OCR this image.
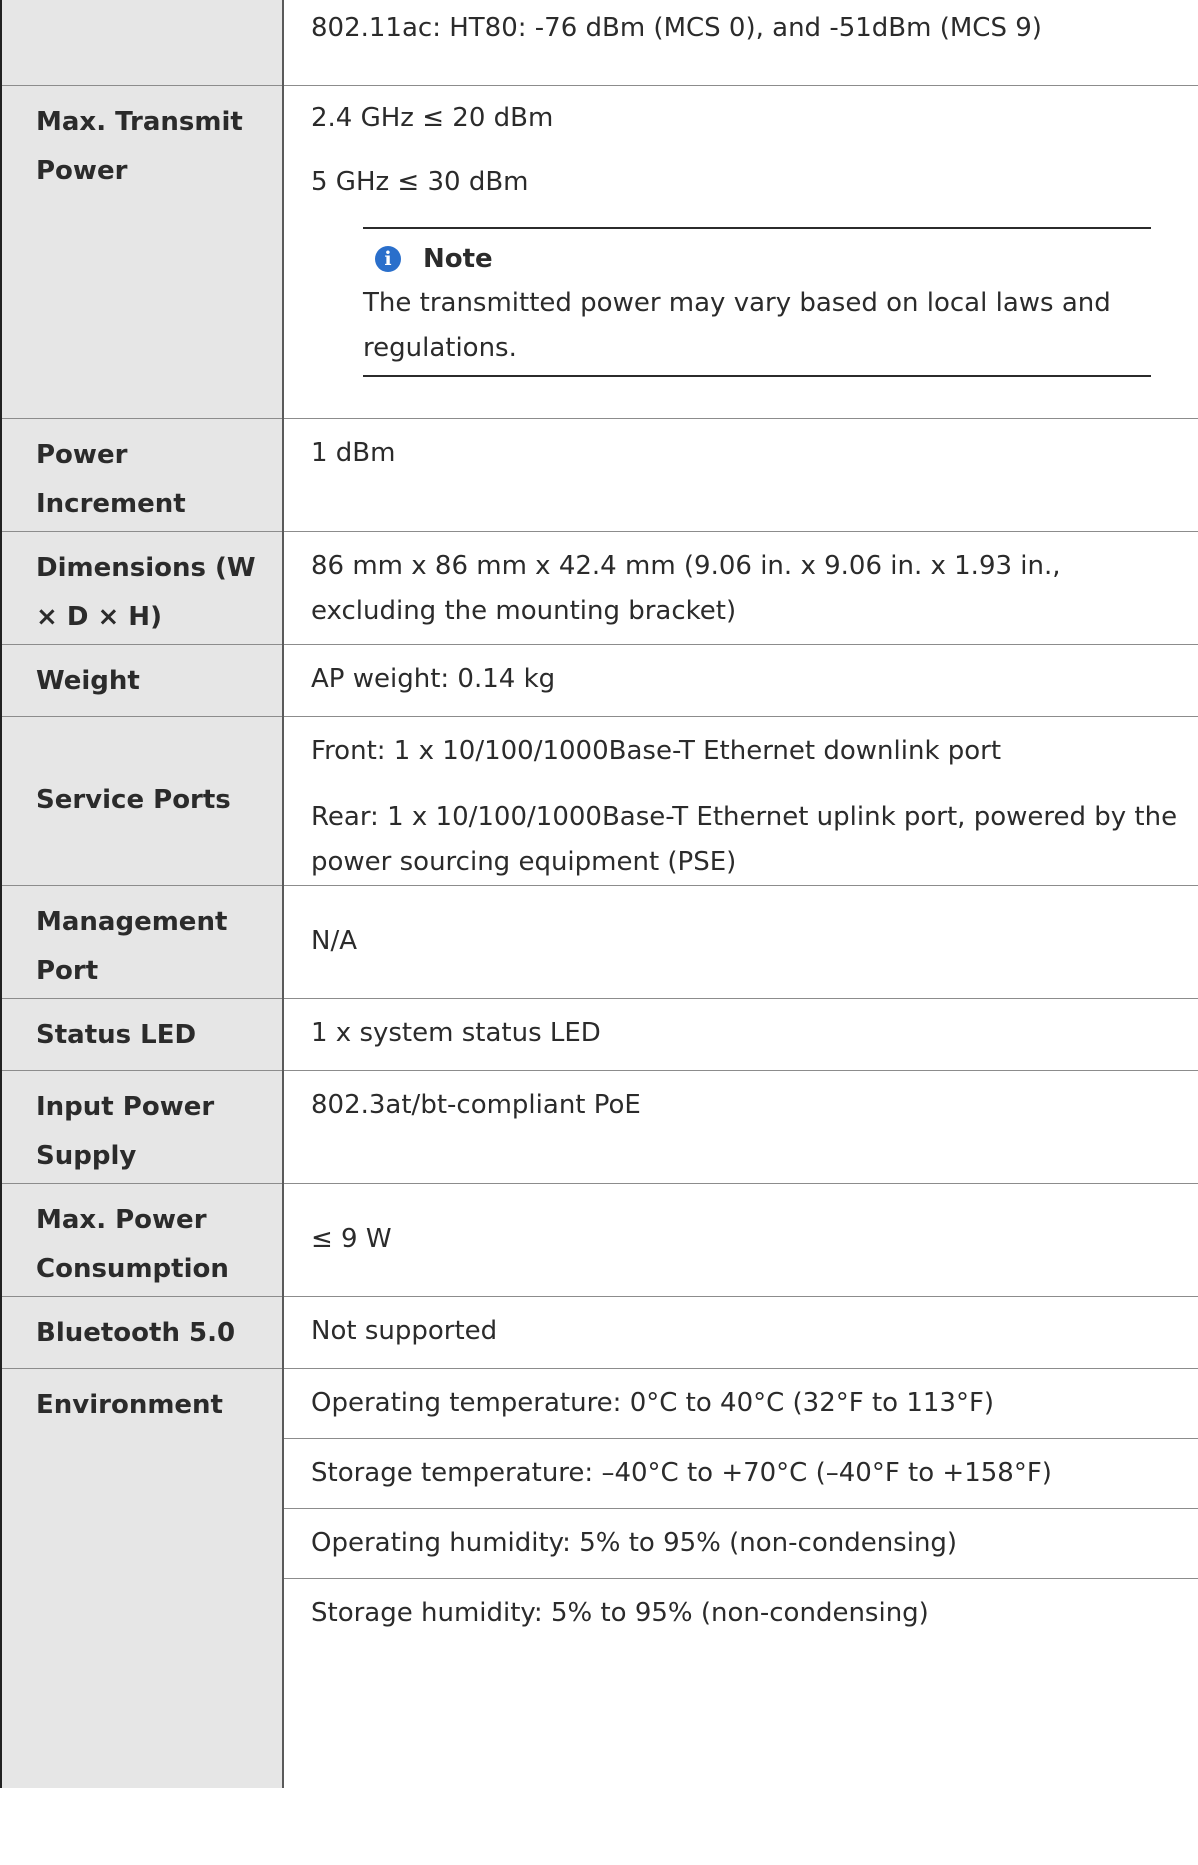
	802.11ac: HT80: -76 dBm (MCS 0), and -51dBm (MCS 9)
Max. Transmit Power	2.4 GHz ≤ 20 dBm

5 GHz ≤ 30 dBm

i Note
The transmitted power may vary based on local laws and regulations.

Power Increment	1 dBm
Dimensions (W × D × H)	86 mm x 86 mm x 42.4 mm (9.06 in. x 9.06 in. x 1.93 in., excluding the mounting bracket)
Weight	AP weight: 0.14 kg
Service Ports	Front: 1 x 10/100/1000Base-T Ethernet downlink port

Rear: 1 x 10/100/1000Base-T Ethernet uplink port, powered by the power sourcing equipment (PSE)

Management Port	N/A
Status LED	1 x system status LED
Input Power Supply	802.3at/bt-compliant PoE
Max. Power Consumption	≤ 9 W
Bluetooth 5.0	Not supported
Environment	Operating temperature: 0°C to 40°C (32°F to 113°F)
Storage temperature: –40°C to +70°C (–40°F to +158°F)
Operating humidity: 5% to 95% (non-condensing)
Storage humidity: 5% to 95% (non-condensing)
